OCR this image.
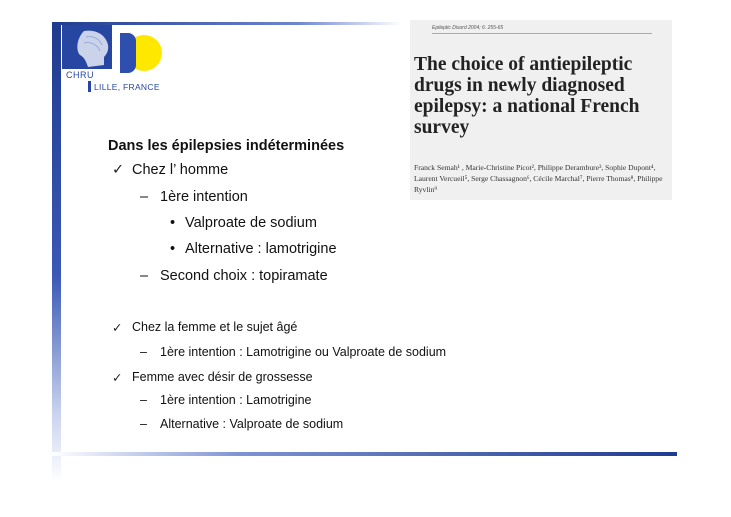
CHRU
LILLE, FRANCE
Epileptic Disord 2004; 6: 255-65
The choice of antiepileptic drugs in newly diagnosed epilepsy: a national French survey
Franck Semah¹ , Marie-Christine Picot², Philippe Derambure³, Sophie Dupont⁴, Laurent Vercueil⁵, Serge Chassagnon⁶, Cécile Marchal⁷, Pierre Thomas⁸, Philippe Ryvlin⁹
Dans les épilepsies indéterminées
✓ Chez l’ homme
– 1ère intention
• Valproate de sodium
• Alternative : lamotrigine
– Second choix : topiramate
✓ Chez la femme et le sujet âgé
– 1ère intention : Lamotrigine ou Valproate de sodium
✓ Femme avec désir de grossesse
– 1ère intention : Lamotrigine
– Alternative : Valproate de sodium
